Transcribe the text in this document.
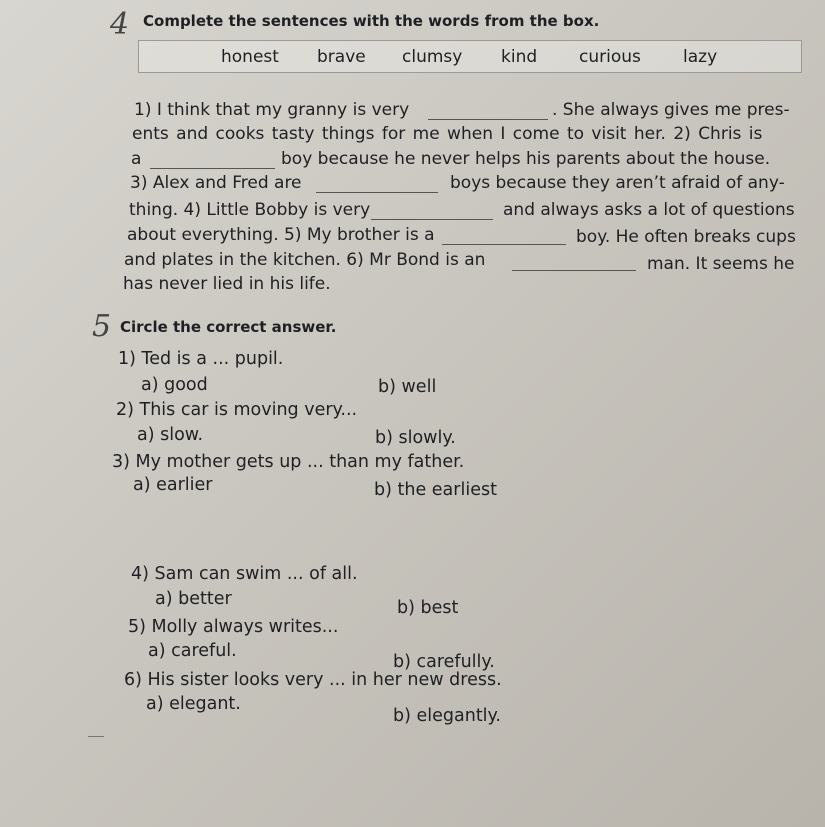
4 Complete the sentences with the words from the box.
honest brave clumsy kind curious lazy
1) I think that my granny is very	. She always gives me pres-
ents and cooks tasty things for me when I come to visit her. 2) Chris is
a	boy because he never helps his parents about the house.
3) Alex and Fred are	boys because they aren’t afraid of any-
thing. 4) Little Bobby is very	and always asks a lot of questions
about everything. 5) My brother is a	boy. He often breaks cups
and plates in the kitchen. 6) Mr Bond is an	man. It seems he
has never lied in his life.
5 Circle the correct answer.
1) Ted is a ... pupil.
a) good	b) well
2) This car is moving very...
a) slow.	b) slowly.
3) My mother gets up ... than my father.
a) earlier	b) the earliest
4) Sam can swim ... of all.
a) better	b) best
5) Molly always writes...
a) careful.
b) carefully.
6) His sister looks very ... in her new dress.
a) elegant.
b) elegantly.
